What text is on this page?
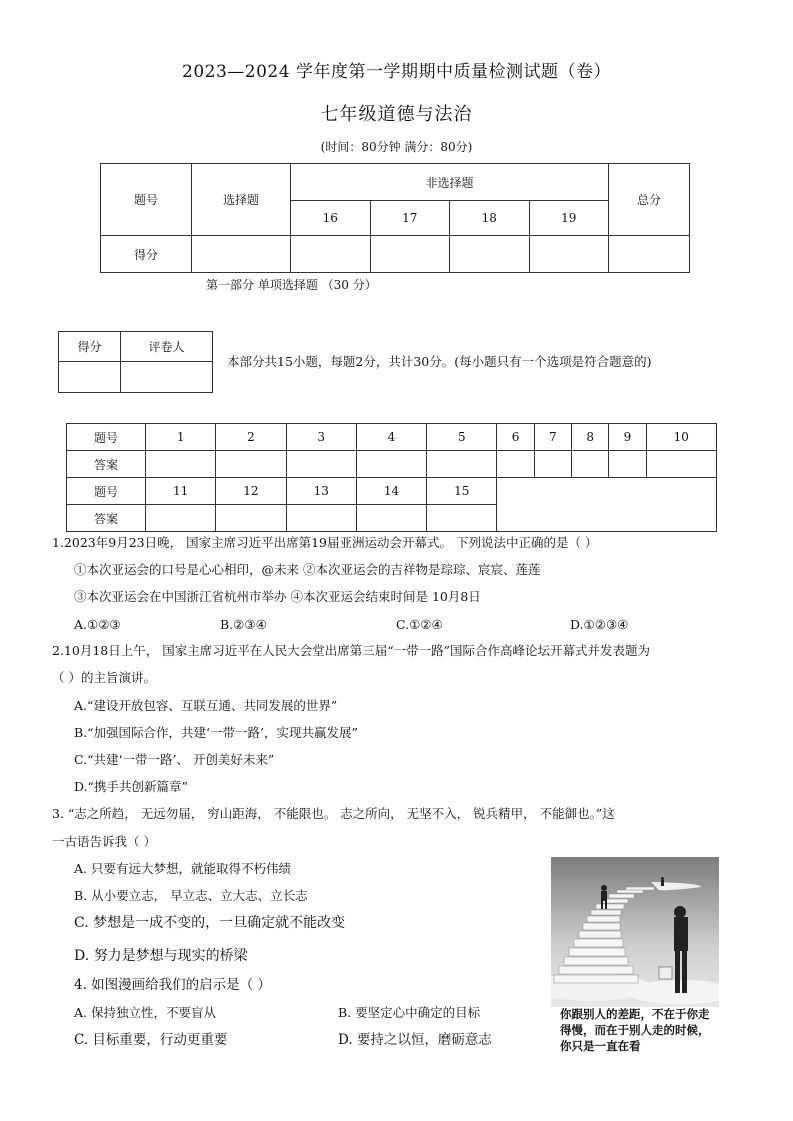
2023—2024 学年度第一学期期中质量检测试题（卷）
七年级道德与法治
(时间：80分钟 满分：80分)
题号	选择题	非选择题				总分
		16	17	18	19	
得分						
第一部分 单项选择题 （30 分）
得分	评卷人

本部分共15小题，每题2分，共计30分。(每小题只有一个选项是符合题意的)
题号	1	2	3	4	5	6	7	8	9	10
答案										
题号	11	12	13	14	15					
答案										
1.2023年9月23日晚， 国家主席习近平出席第19届亚洲运动会开幕式。 下列说法中正确的是（ ）
①本次亚运会的口号是心心相印，@未来 ②本次亚运会的吉祥物是琮琮、宸宸、莲莲
③本次亚运会在中国浙江省杭州市举办 ④本次亚运会结束时间是 10月8日
A.①②③	B.②③④	C.①②④	D.①②③④
2.10月18日上午， 国家主席习近平在人民大会堂出席第三届“一带一路”国际合作高峰论坛开幕式并发表题为
（ ）的主旨演讲。
A.“建设开放包容、互联互通、共同发展的世界”
B.“加强国际合作，共建‘一带一路’，实现共赢发展”
C.“共建‘一带一路’、 开创美好未来”
D.“携手共创新篇章”
3. “志之所趋， 无远勿届， 穷山距海， 不能限也。 志之所向， 无坚不入， 锐兵精甲， 不能御也。”这
一古语告诉我（ ）
A. 只要有远大梦想，就能取得不朽伟绩
B. 从小要立志， 早立志、立大志、立长志
C. 梦想是一成不变的，一旦确定就不能改变
D. 努力是梦想与现实的桥梁
4. 如图漫画给我们的启示是（ ）
A. 保持独立性，不要盲从	B. 要坚定心中确定的目标
C. 目标重要，行动更重要	D. 要持之以恒，磨砺意志
你跟别人的差距，不在于你走得慢，而在于别人走的时候，你只是一直在看
